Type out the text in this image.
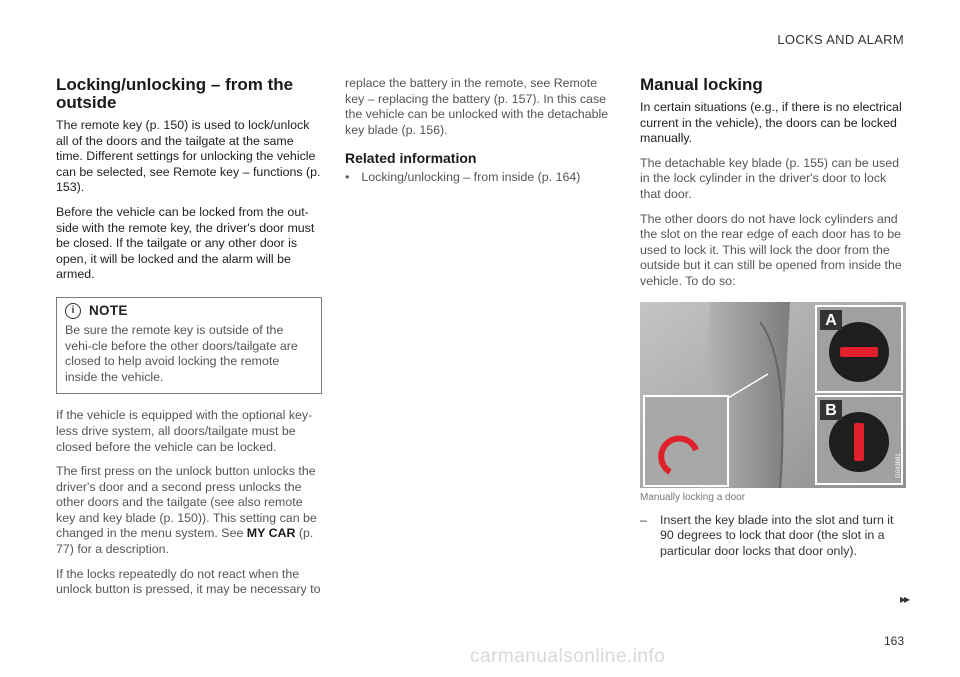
LOCKS AND ALARM
Locking/unlocking – from the outside

The remote key (p. 150) is used to lock/unlock all of the doors and the tailgate at the same time. Different settings for unlocking the vehicle can be selected, see Remote key – functions (p. 153).

Before the vehicle can be locked from the out-side with the remote key, the driver's door must be closed. If the tailgate or any other door is open, it will be locked and the alarm will be armed.

i	NOTE

Be sure the remote key is outside of the vehi-cle before the other doors/tailgate are closed to help avoid locking the remote inside the vehicle.

If the vehicle is equipped with the optional key-less drive system, all doors/tailgate must be closed before the vehicle can be locked.

The first press on the unlock button unlocks the driver's door and a second press unlocks the other doors and the tailgate (see also remote key and key blade (p. 150)). This setting can be changed in the menu system. See MY CAR (p. 77) for a description.

If the locks repeatedly do not react when the unlock button is pressed, it may be necessary to

replace the battery in the remote, see Remote key – replacing the battery (p. 157). In this case the vehicle can be unlocked with the detachable key blade (p. 156).

Related information
• Locking/unlocking – from inside (p. 164)
Manual locking

In certain situations (e.g., if there is no electrical current in the vehicle), the doors can be locked manually.

The detachable key blade (p. 155) can be used in the lock cylinder in the driver's door to lock that door.

The other doors do not have lock cylinders and the slot on the rear edge of each door has to be used to lock it. This will lock the door from the outside but it can still be opened from inside the vehicle. To do so:

A
B
G043881
Manually locking a door
–	Insert the key blade into the slot and turn it 90 degrees to lock that door (the slot in a particular door locks that door only).
▸▸
163
carmanualsonline.info
